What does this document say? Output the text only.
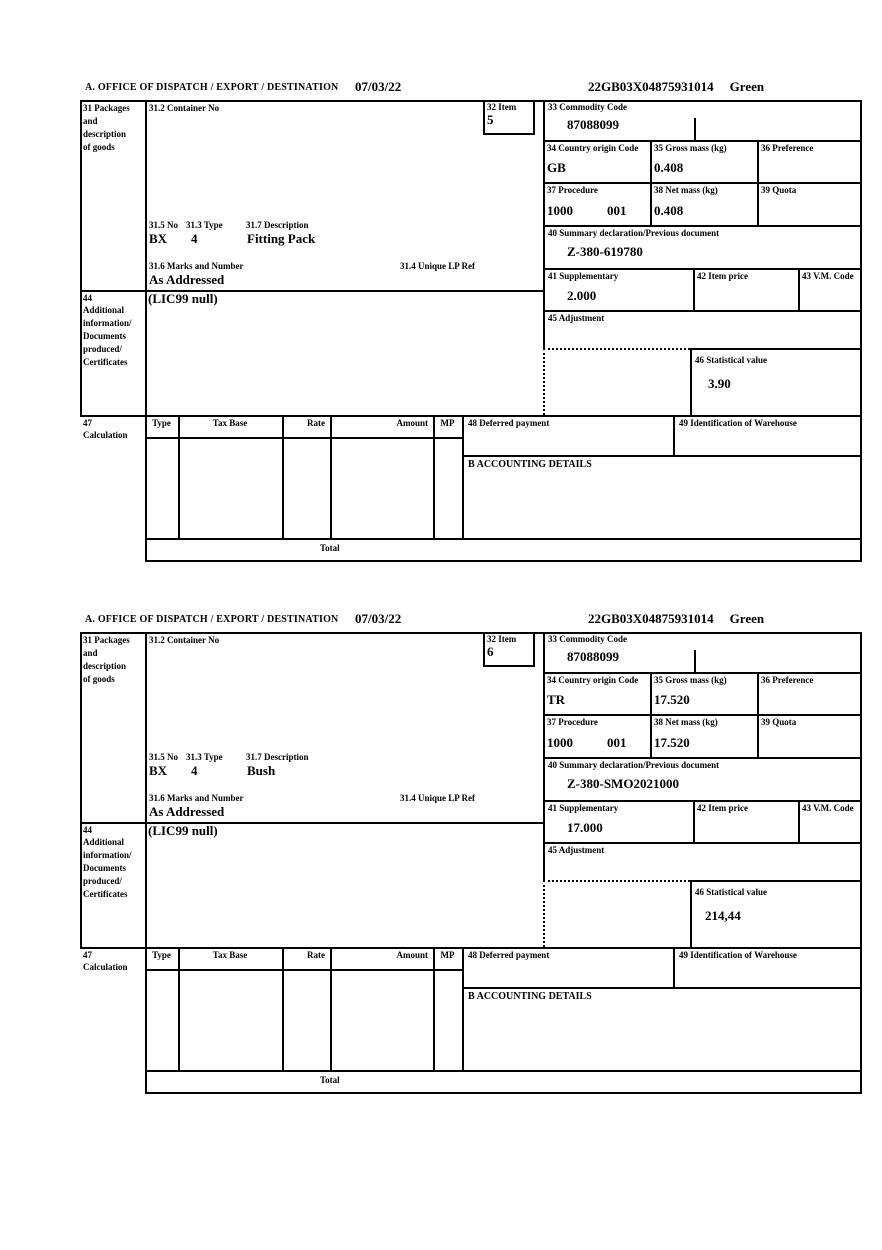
A. OFFICE OF DISPATCH / EXPORT / DESTINATION 07/03/22	22GB03X04875931014 Green
31 Packages
and
description
of goods
31.2 Container No	32 Item
5
33 Commodity Code
87088099
34 Country origin Code
GB
35 Gross mass (kg)
0.408
36 Preference
37 Procedure
1000	001
38 Net mass (kg)
0.408
39 Quota
40 Summary declaration/Previous document
Z-380-619780
41 Supplementary
2.000
42 Item price	43 V.M. Code
45 Adjustment
46 Statistical value
3.90
31.5 No 31.3 Type	31.7 Description
BX 4	Fitting Pack
31.6 Marks and Number	31.4 Unique LP Ref
As Addressed
44
Additional
information/
Documents
produced/
Certificates
(LIC99 null)
47
Calculation
Type	Tax Base	Rate	Amount	MP
Total
48 Deferred payment	49 Identification of Warehouse
B ACCOUNTING DETAILS
A. OFFICE OF DISPATCH / EXPORT / DESTINATION 07/03/22	22GB03X04875931014 Green
31 Packages
and
description
of goods
31.2 Container No	32 Item
6
33 Commodity Code
87088099
34 Country origin Code
TR
35 Gross mass (kg)
17.520
36 Preference
37 Procedure
1000	001
38 Net mass (kg)
17.520
39 Quota
40 Summary declaration/Previous document
Z-380-SMO2021000
41 Supplementary
17.000
42 Item price	43 V.M. Code
45 Adjustment
46 Statistical value
214,44
31.5 No 31.3 Type	31.7 Description
BX 4	Bush
31.6 Marks and Number	31.4 Unique LP Ref
As Addressed
44
Additional
information/
Documents
produced/
Certificates
(LIC99 null)
47
Calculation
Type	Tax Base	Rate	Amount	MP
Total
48 Deferred payment	49 Identification of Warehouse
B ACCOUNTING DETAILS
